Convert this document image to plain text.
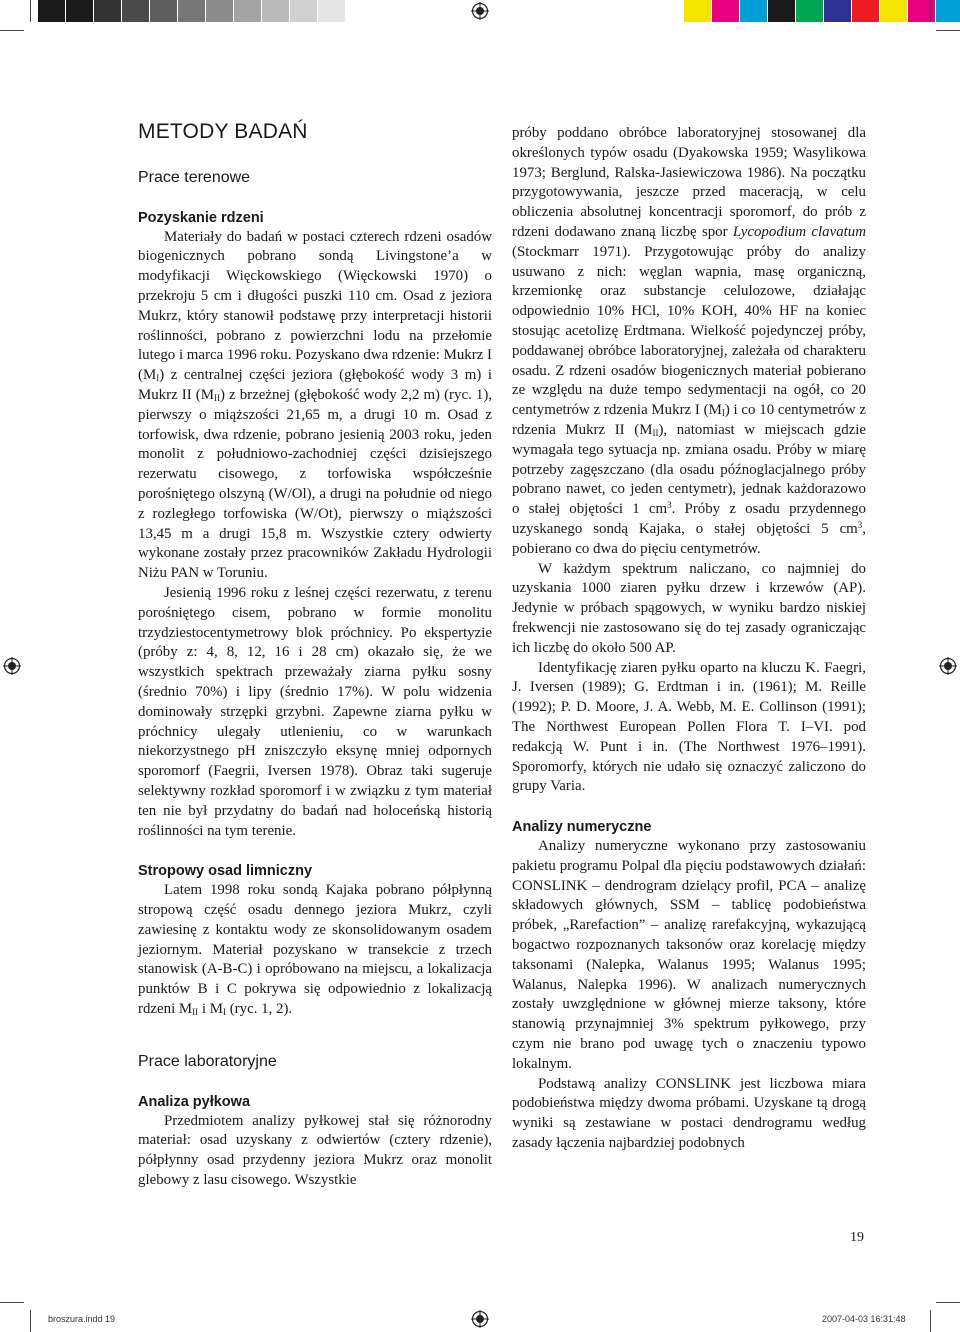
METODY BADAŃ
Prace terenowe
Pozyskanie rdzeni

Materiały do badań w postaci czterech rdzeni osadów biogenicznych pobrano sondą Livingstone’a w modyfikacji Więckowskiego (Więckowski 1970) o przekroju 5 cm i długości puszki 110 cm. Osad z jeziora Mukrz, który stanowił podstawę przy interpretacji historii roślinności, pobrano z powierzchni lodu na przełomie lutego i marca 1996 roku. Pozyskano dwa rdzenie: Mukrz I $(M_I)$ z centralnej części jeziora (głębokość wody 3 m) i Mukrz II $(M_{II})$ z brzeżnej (głębokość wody 2,2 m) (ryc. 1), pierwszy o miąższości 21,65 m, a drugi 10 m. Osad z torfowisk, dwa rdzenie, pobrano jesienią 2003 roku, jeden monolit z południowo-zachodniej części dzisiejszego rezerwatu cisowego, z torfowiska współcześnie porośniętego olszyną (W/Ol), a drugi na południe od niego z rozległego torfowiska (W/Ot), pierwszy o miąższości 13,45 m a drugi 15,8 m. Wszystkie cztery odwierty wykonane zostały przez pracowników Zakładu Hydrologii Niżu PAN w Toruniu.

Jesienią 1996 roku z leśnej części rezerwatu, z terenu porośniętego cisem, pobrano w formie monolitu trzydziestocentymetrowy blok próchnicy. Po ekspertyzie (próby z: 4, 8, 12, 16 i 28 cm) okazało się, że we wszystkich spektrach przeważały ziarna pyłku sosny (średnio 70%) i lipy (średnio 17%). W polu widzenia dominowały strzępki grzybni. Zapewne ziarna pyłku w próchnicy ulegały utlenieniu, co w warunkach niekorzystnego pH zniszczyło eksynę mniej odpornych sporomorf (Faegrii, Iversen 1978). Obraz taki sugeruje selektywny rozkład sporomorf i w związku z tym materiał ten nie był przydatny do badań nad holoceńską historią roślinności na tym terenie.

Stropowy osad limniczny

Latem 1998 roku sondą Kajaka pobrano półpłynną stropową część osadu dennego jeziora Mukrz, czyli zawiesinę z kontaktu wody ze skonsolidowanym osadem jeziornym. Materiał pozyskano w transekcie z trzech stanowisk (A-B-C) i opróbowano na miejscu, a lokalizacja punktów B i C pokrywa się odpowiednio z lokalizacją rdzeni $M_{II}$ i $M_I$ (ryc. 1, 2).

Prace laboratoryjne
Analiza pyłkowa

Przedmiotem analizy pyłkowej stał się różnorodny materiał: osad uzyskany z odwiertów (cztery rdzenie), półpłynny osad przydenny jeziora Mukrz oraz monolit glebowy z lasu cisowego. Wszystkie

próby poddano obróbce laboratoryjnej stosowanej dla określonych typów osadu (Dyakowska 1959; Wasylikowa 1973; Berglund, Ralska-Jasiewiczowa 1986). Na początku przygotowywania, jeszcze przed maceracją, w celu obliczenia absolutnej koncentracji sporomorf, do prób z rdzeni dodawano znaną liczbę spor Lycopodium clavatum (Stockmarr 1971). Przygotowując próby do analizy usuwano z nich: węglan wapnia, masę organiczną, krzemionkę oraz substancje celulozowe, działając odpowiednio 10% HCl, 10% KOH, 40% HF na koniec stosując acetolizę Erdtmana. Wielkość pojedynczej próby, poddawanej obróbce laboratoryjnej, zależała od charakteru osadu. Z rdzeni osadów biogenicznych materiał pobierano ze względu na duże tempo sedymentacji na ogół, co 20 centymetrów z rdzenia Mukrz I $(M_I)$ i co 10 centymetrów z rdzenia Mukrz II $(M_{II})$, natomiast w miejscach gdzie wymagała tego sytuacja np. zmiana osadu. Próby w miarę potrzeby zagęszczano (dla osadu późnoglacjalnego próby pobrano nawet, co jeden centymetr), jednak każdorazowo o stałej objętości 1 $cm^3$. Próby z osadu przydennego uzyskanego sondą Kajaka, o stałej objętości 5 $cm^3$, pobierano co dwa do pięciu centymetrów.

W każdym spektrum naliczano, co najmniej do uzyskania 1000 ziaren pyłku drzew i krzewów (AP). Jedynie w próbach spągowych, w wyniku bardzo niskiej frekwencji nie zastosowano się do tej zasady ograniczając ich liczbę do około 500 AP.

Identyfikację ziaren pyłku oparto na kluczu K. Faegri, J. Iversen (1989); G. Erdtman i in. (1961); M. Reille (1992); P. D. Moore, J. A. Webb, M. E. Collinson (1991); The Northwest European Pollen Flora T. I–VI. pod redakcją W. Punt i in. (The Northwest 1976–1991). Sporomorfy, których nie udało się oznaczyć zaliczono do grupy Varia.

Analizy numeryczne

Analizy numeryczne wykonano przy zastosowaniu pakietu programu Polpal dla pięciu podstawowych działań: CONSLINK – dendrogram dzielący profil, PCA – analizę składowych głównych, SSM – tablicę podobieństwa próbek, „Rarefaction” – analizę rarefakcyjną, wykazującą bogactwo rozpoznanych taksonów oraz korelację między taksonami (Nalepka, Walanus 1995; Walanus 1995; Walanus, Nalepka 1996). W analizach numerycznych zostały uwzględnione w głównej mierze taksony, które stanowią przynajmniej 3% spektrum pyłkowego, przy czym nie brano pod uwagę tych o znaczeniu typowo lokalnym.

Podstawą analizy CONSLINK jest liczbowa miara podobieństwa między dwoma próbami. Uzyskane tą drogą wyniki są zestawiane w postaci dendrogramu według zasady łączenia najbardziej podobnych

19
broszura.indd 19	2007-04-03 16:31:48
